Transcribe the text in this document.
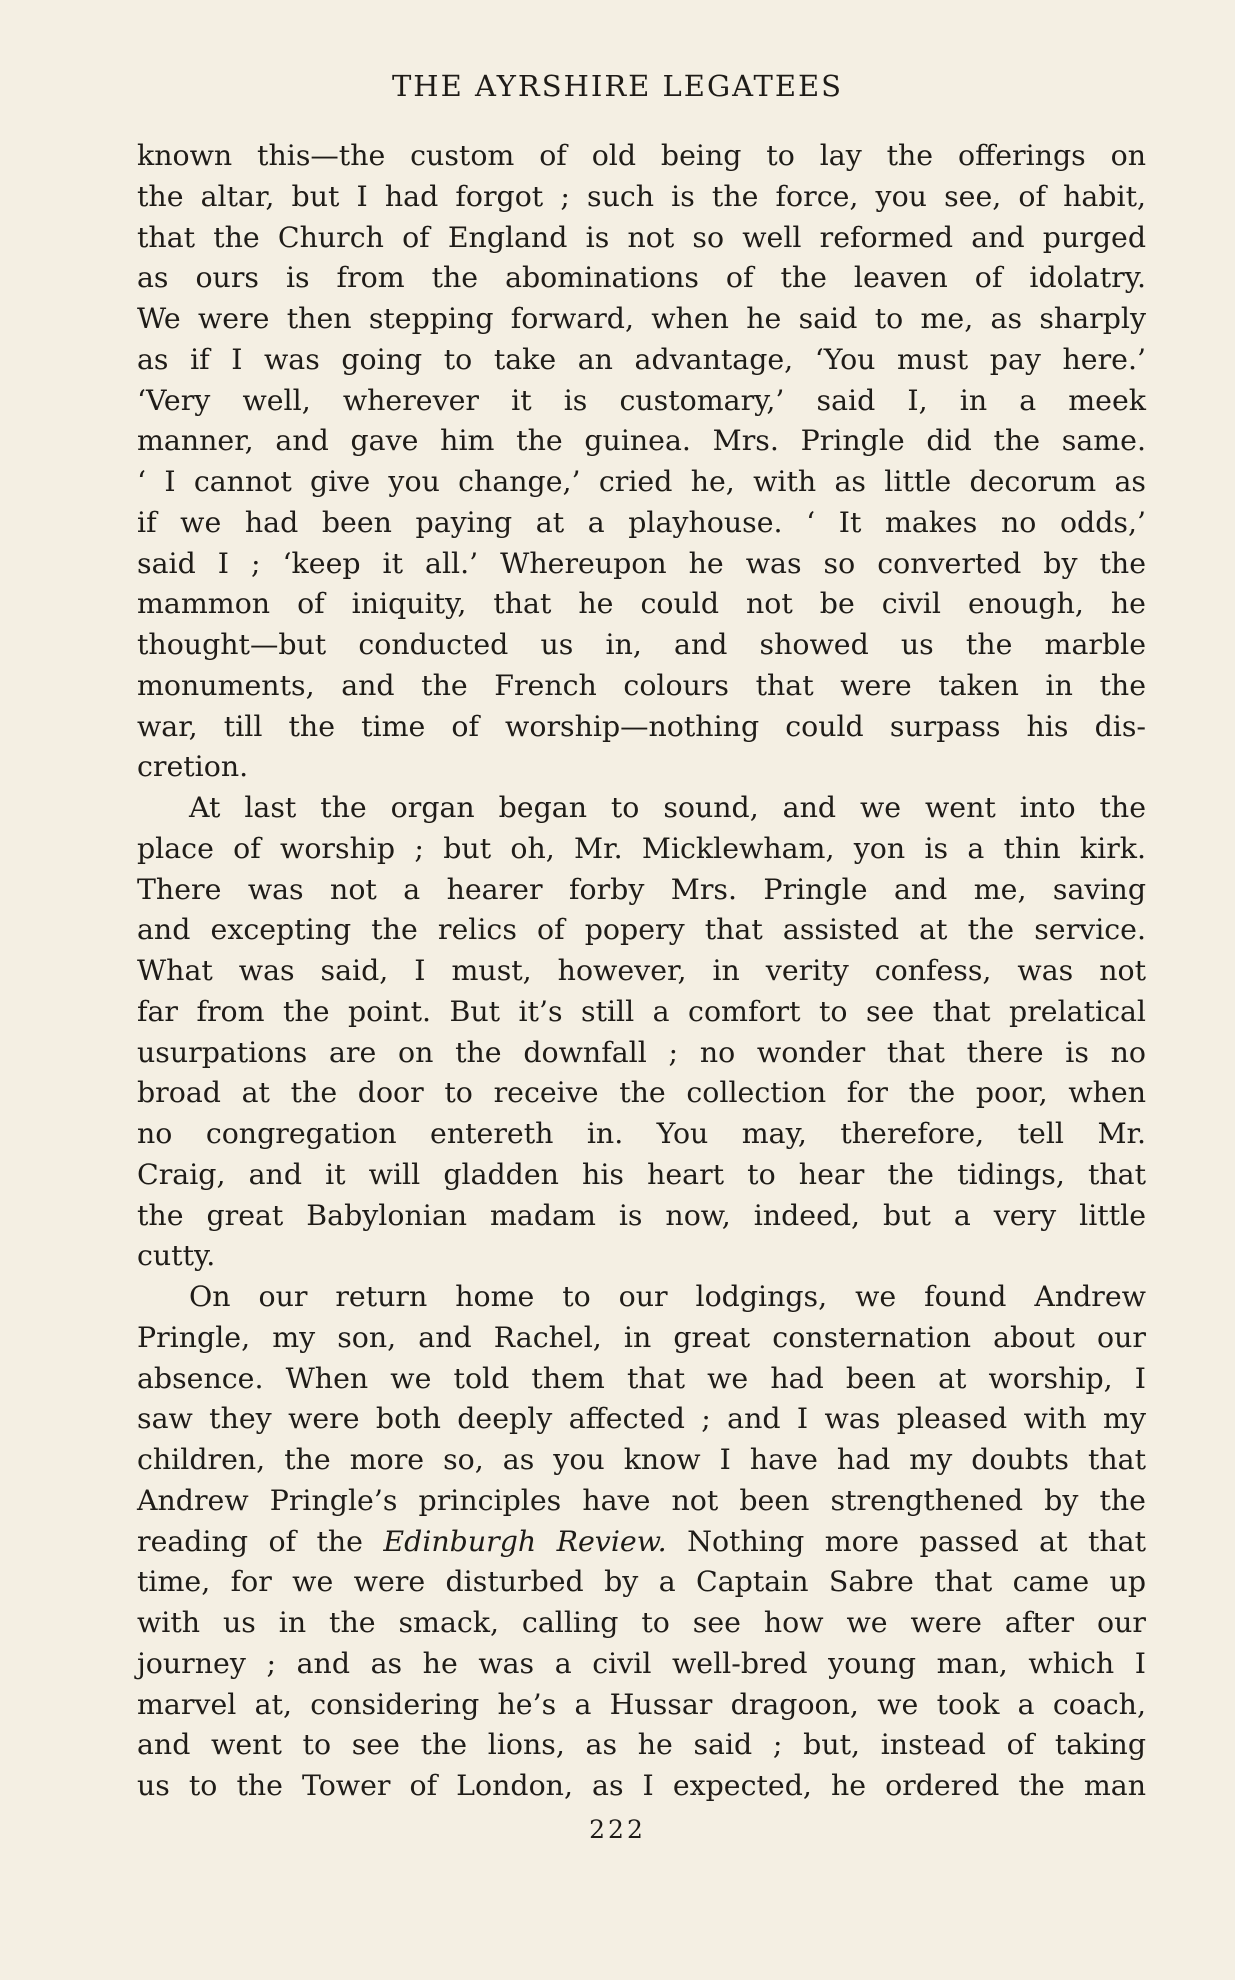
THE AYRSHIRE LEGATEES
known this—the custom of old being to lay the offerings on
the altar, but I had forgot ; such is the force, you see, of habit,
that the Church of England is not so well reformed and purged
as ours is from the abominations of the leaven of idolatry.
We were then stepping forward, when he said to me, as sharply
as if I was going to take an advantage, ‘You must pay here.’
‘Very well, wherever it is customary,’ said I, in a meek
manner, and gave him the guinea. Mrs. Pringle did the same.
‘ I cannot give you change,’ cried he, with as little decorum as
if we had been paying at a playhouse. ‘ It makes no odds,’
said I ; ‘keep it all.’ Whereupon he was so converted by the
mammon of iniquity, that he could not be civil enough, he
thought—but conducted us in, and showed us the marble
monuments, and the French colours that were taken in the
war, till the time of worship—nothing could surpass his dis-
cretion.
At last the organ began to sound, and we went into the
place of worship ; but oh, Mr. Micklewham, yon is a thin kirk.
There was not a hearer forby Mrs. Pringle and me, saving
and excepting the relics of popery that assisted at the service.
What was said, I must, however, in verity confess, was not
far from the point. But it’s still a comfort to see that prelatical
usurpations are on the downfall ; no wonder that there is no
broad at the door to receive the collection for the poor, when
no congregation entereth in. You may, therefore, tell Mr.
Craig, and it will gladden his heart to hear the tidings, that
the great Babylonian madam is now, indeed, but a very little
cutty.
On our return home to our lodgings, we found Andrew
Pringle, my son, and Rachel, in great consternation about our
absence. When we told them that we had been at worship, I
saw they were both deeply affected ; and I was pleased with my
children, the more so, as you know I have had my doubts that
Andrew Pringle’s principles have not been strengthened by the
reading of the Edinburgh Review. Nothing more passed at that
time, for we were disturbed by a Captain Sabre that came up
with us in the smack, calling to see how we were after our
journey ; and as he was a civil well-bred young man, which I
marvel at, considering he’s a Hussar dragoon, we took a coach,
and went to see the lions, as he said ; but, instead of taking
us to the Tower of London, as I expected, he ordered the man
222
